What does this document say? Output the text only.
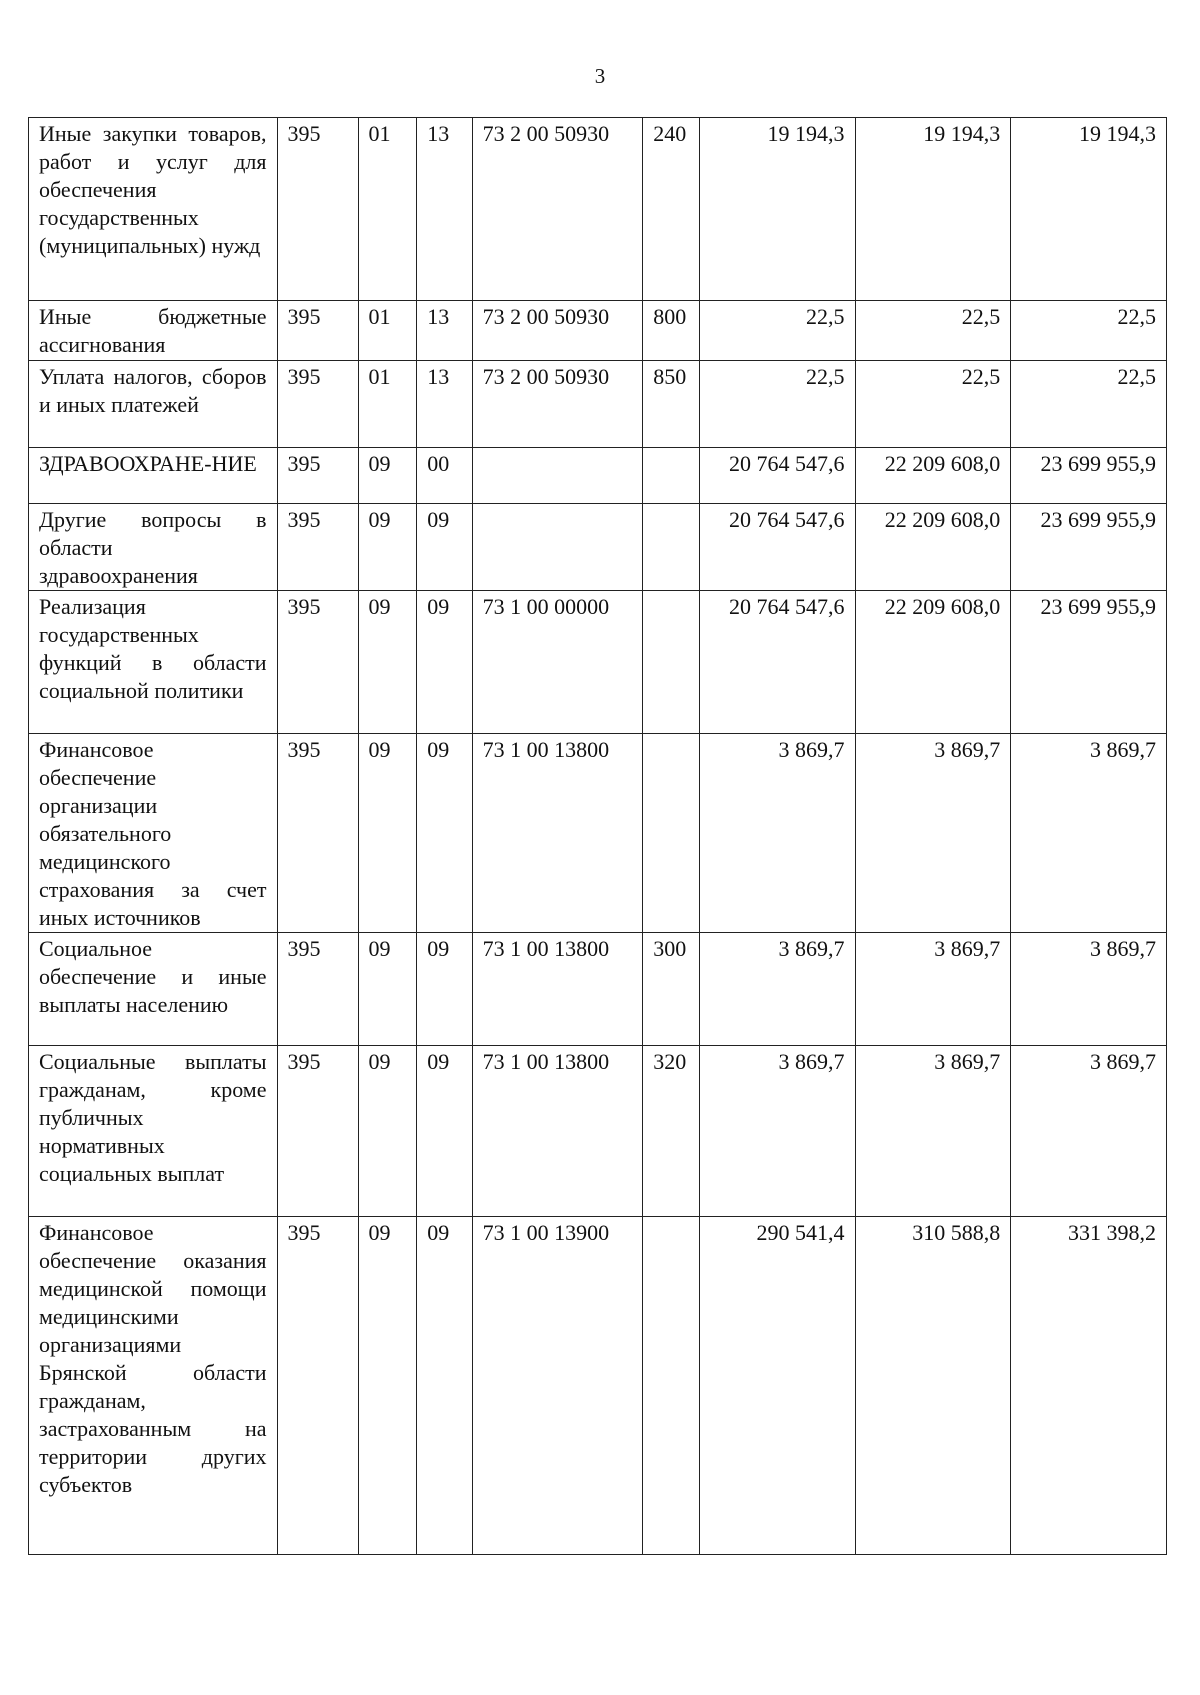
3
Иные закупки товаров, работ и услуг для обеспечения государственных (муниципальных) нужд	395	01	13	73 2 00 50930	240	19 194,3	19 194,3	19 194,3
Иные бюджетные ассигнования	395	01	13	73 2 00 50930	800	22,5	22,5	22,5
Уплата налогов, сборов и иных платежей	395	01	13	73 2 00 50930	850	22,5	22,5	22,5
ЗДРАВООХРАНЕ-НИЕ	395	09	00			20 764 547,6	22 209 608,0	23 699 955,9
Другие вопросы в области здравоохранения	395	09	09			20 764 547,6	22 209 608,0	23 699 955,9
Реализация государственных функций в области социальной политики	395	09	09	73 1 00 00000		20 764 547,6	22 209 608,0	23 699 955,9
Финансовое обеспечение организации обязательного медицинского страхования за счет иных источников	395	09	09	73 1 00 13800		3 869,7	3 869,7	3 869,7
Социальное обеспечение и иные выплаты населению	395	09	09	73 1 00 13800	300	3 869,7	3 869,7	3 869,7
Социальные выплаты гражданам, кроме публичных нормативных социальных выплат	395	09	09	73 1 00 13800	320	3 869,7	3 869,7	3 869,7
Финансовое обеспечение оказания медицинской помощи медицинскими организациями Брянской области гражданам, застрахованным на территории других субъектов	395	09	09	73 1 00 13900		290 541,4	310 588,8	331 398,2
